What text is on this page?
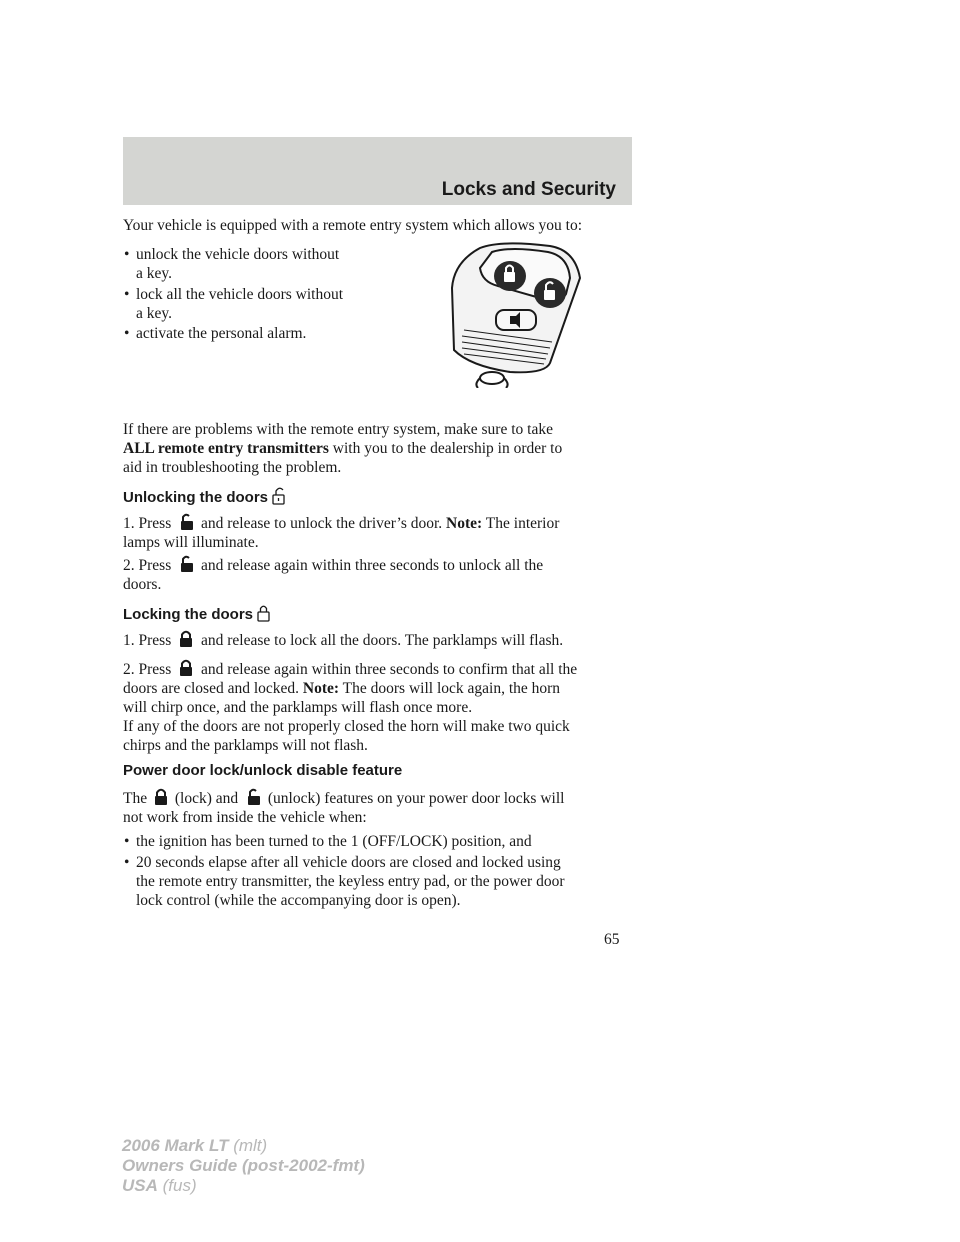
Locks and Security
Your vehicle is equipped with a remote entry system which allows you to:
• unlock the vehicle doors without
a key.
• lock all the vehicle doors without
a key.
• activate the personal alarm.
If there are problems with the remote entry system, make sure to take
ALL remote entry transmitters with you to the dealership in order to
aid in troubleshooting the problem.
Unlocking the doors
1. Press and release to unlock the driver’s door. Note: The interior
lamps will illuminate.
2. Press and release again within three seconds to unlock all the
doors.
Locking the doors
1. Press and release to lock all the doors. The parklamps will flash.
2. Press and release again within three seconds to confirm that all the
doors are closed and locked. Note: The doors will lock again, the horn
will chirp once, and the parklamps will flash once more.
If any of the doors are not properly closed the horn will make two quick
chirps and the parklamps will not flash.
Power door lock/unlock disable feature
The (lock) and (unlock) features on your power door locks will
not work from inside the vehicle when:
• the ignition has been turned to the 1 (OFF/LOCK) position, and
• 20 seconds elapse after all vehicle doors are closed and locked using
the remote entry transmitter, the keyless entry pad, or the power door
lock control (while the accompanying door is open).
65
2006 Mark LT (mlt)
Owners Guide (post-2002-fmt)
USA (fus)
